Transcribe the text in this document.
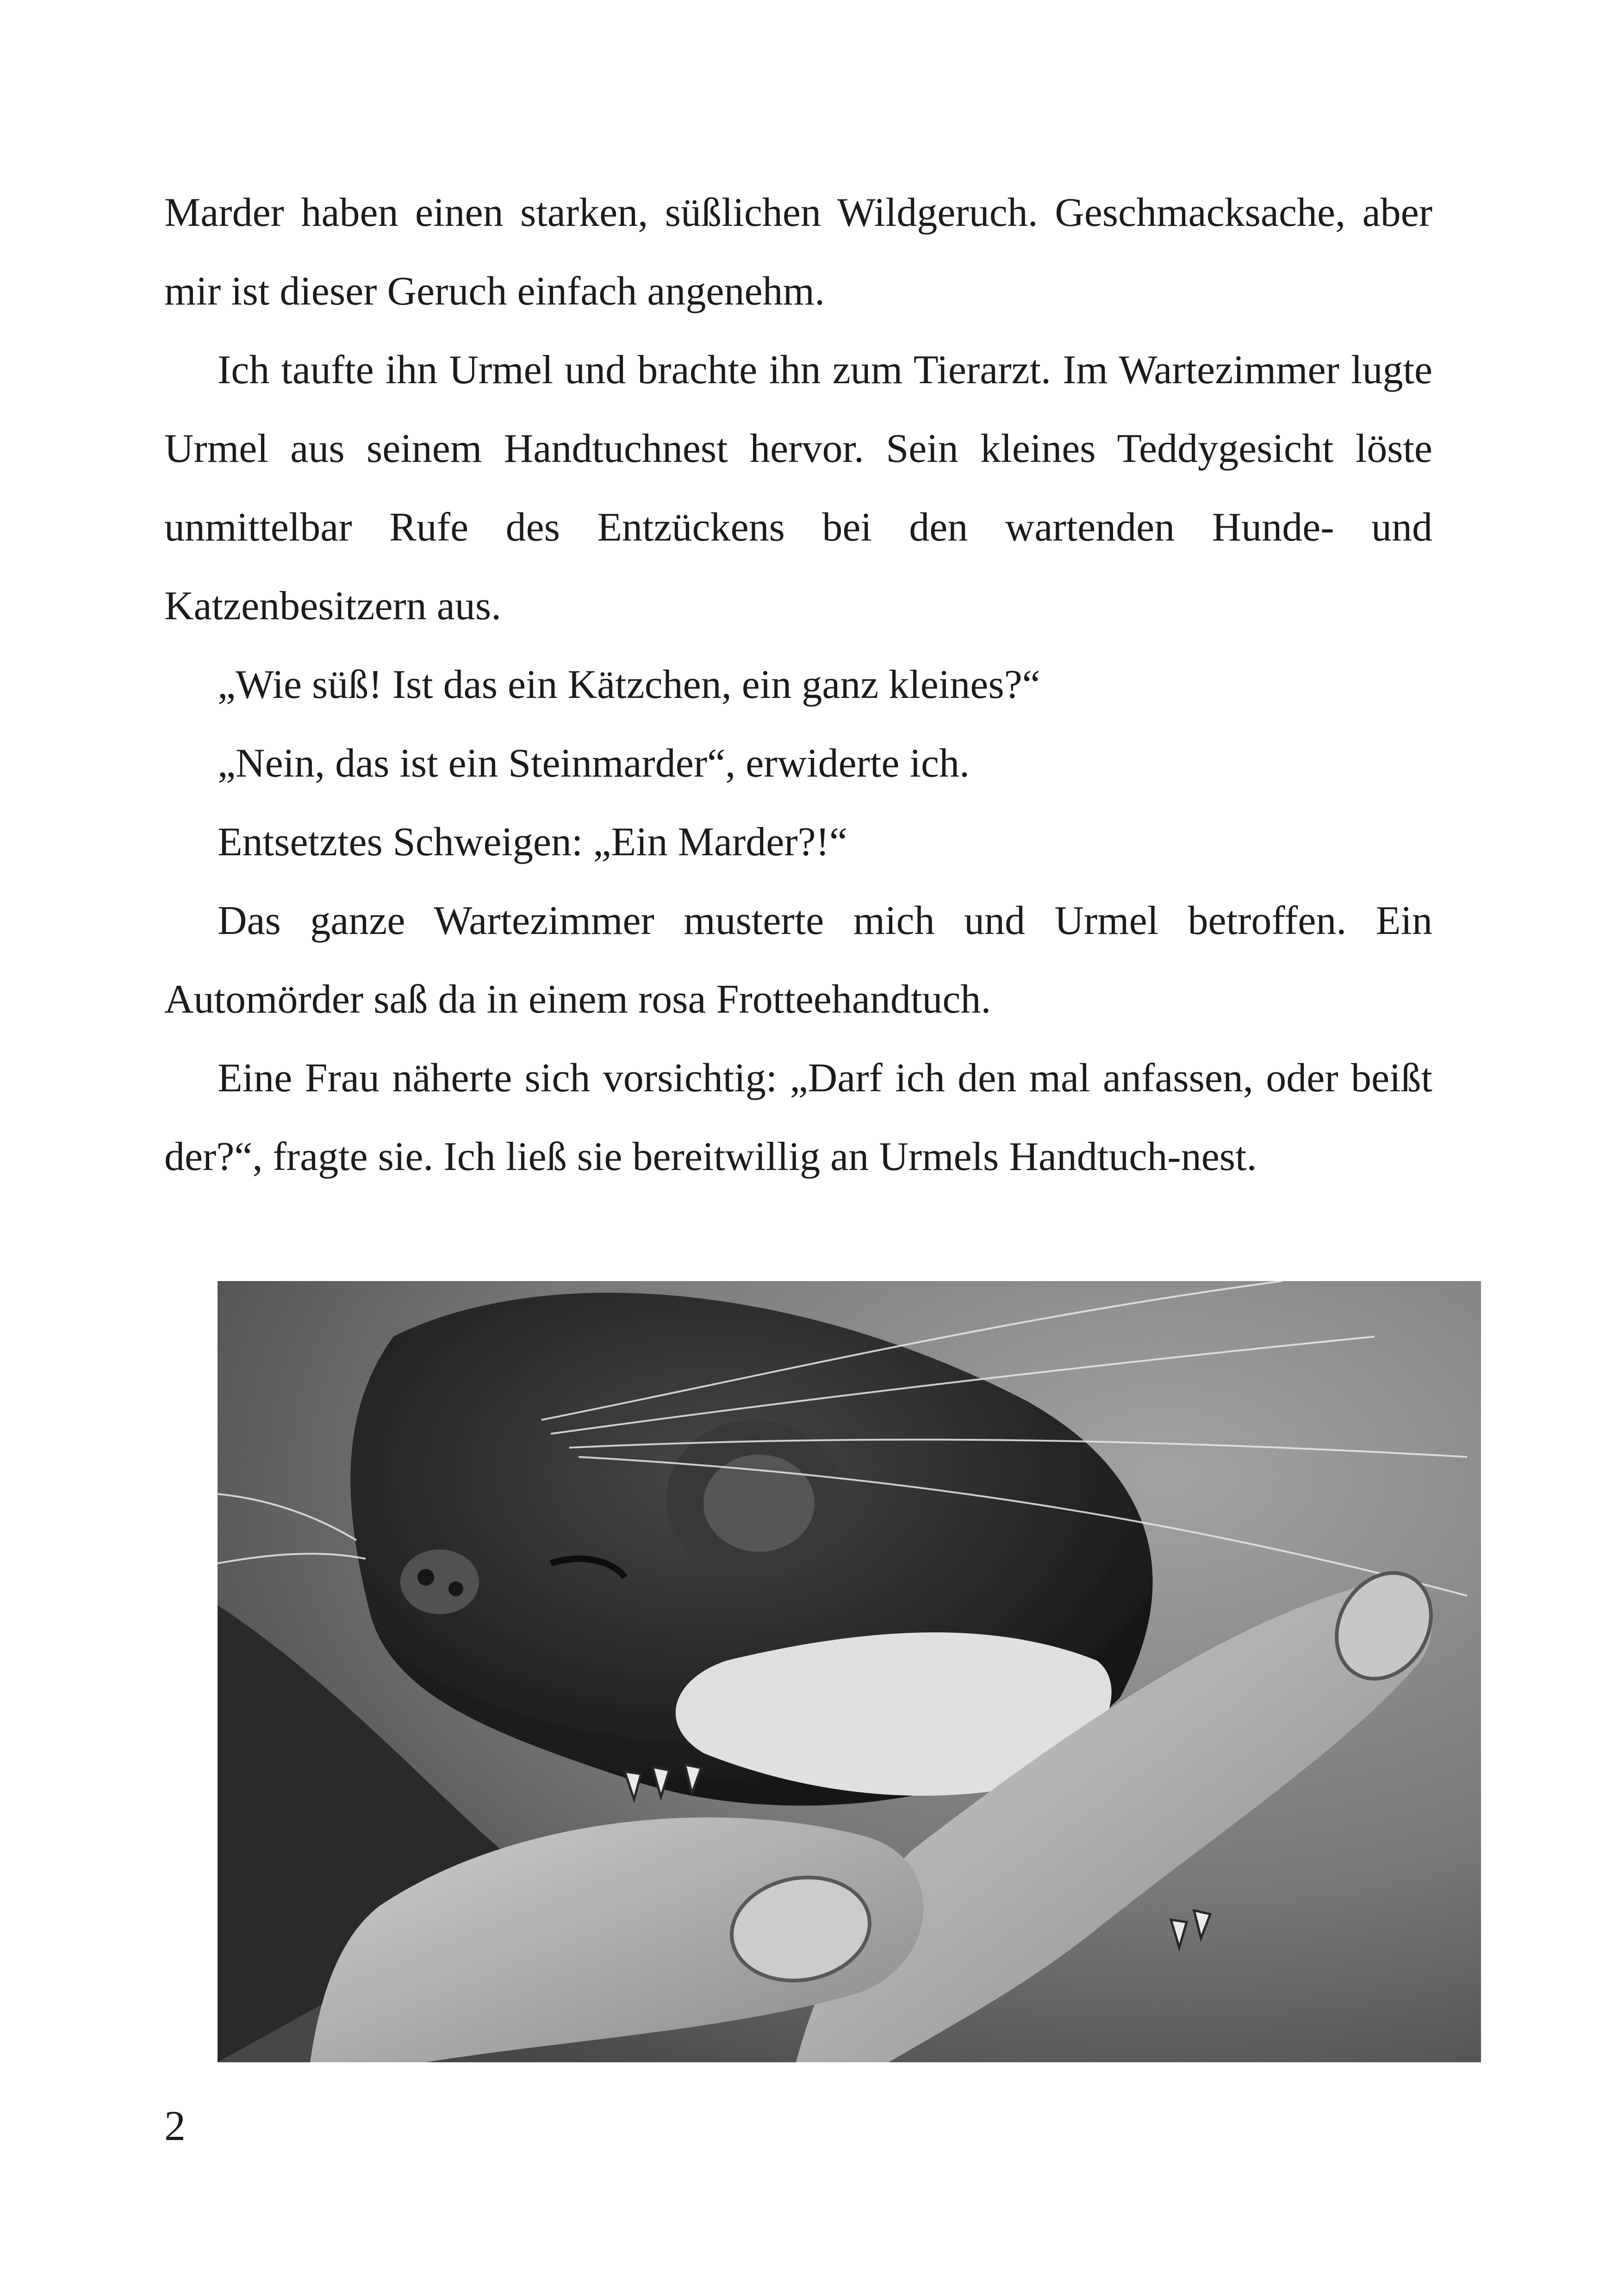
Marder haben einen starken, süßlichen Wildgeruch. Geschmacksache, aber mir ist dieser Geruch einfach angenehm.

Ich taufte ihn Urmel und brachte ihn zum Tierarzt. Im Wartezimmer lugte Urmel aus seinem Handtuchnest hervor. Sein kleines Teddygesicht löste unmittelbar Rufe des Entzückens bei den wartenden Hunde- und Katzenbesitzern aus.

„Wie süß! Ist das ein Kätzchen, ein ganz kleines?“

„Nein, das ist ein Steinmarder“, erwiderte ich.

Entsetztes Schweigen: „Ein Marder?!“

Das ganze Wartezimmer musterte mich und Urmel betroffen. Ein Automörder saß da in einem rosa Frotteehandtuch.

Eine Frau näherte sich vorsichtig: „Darf ich den mal anfassen, oder beißt der?“, fragte sie. Ich ließ sie bereitwillig an Urmels Handtuch-nest.

2
